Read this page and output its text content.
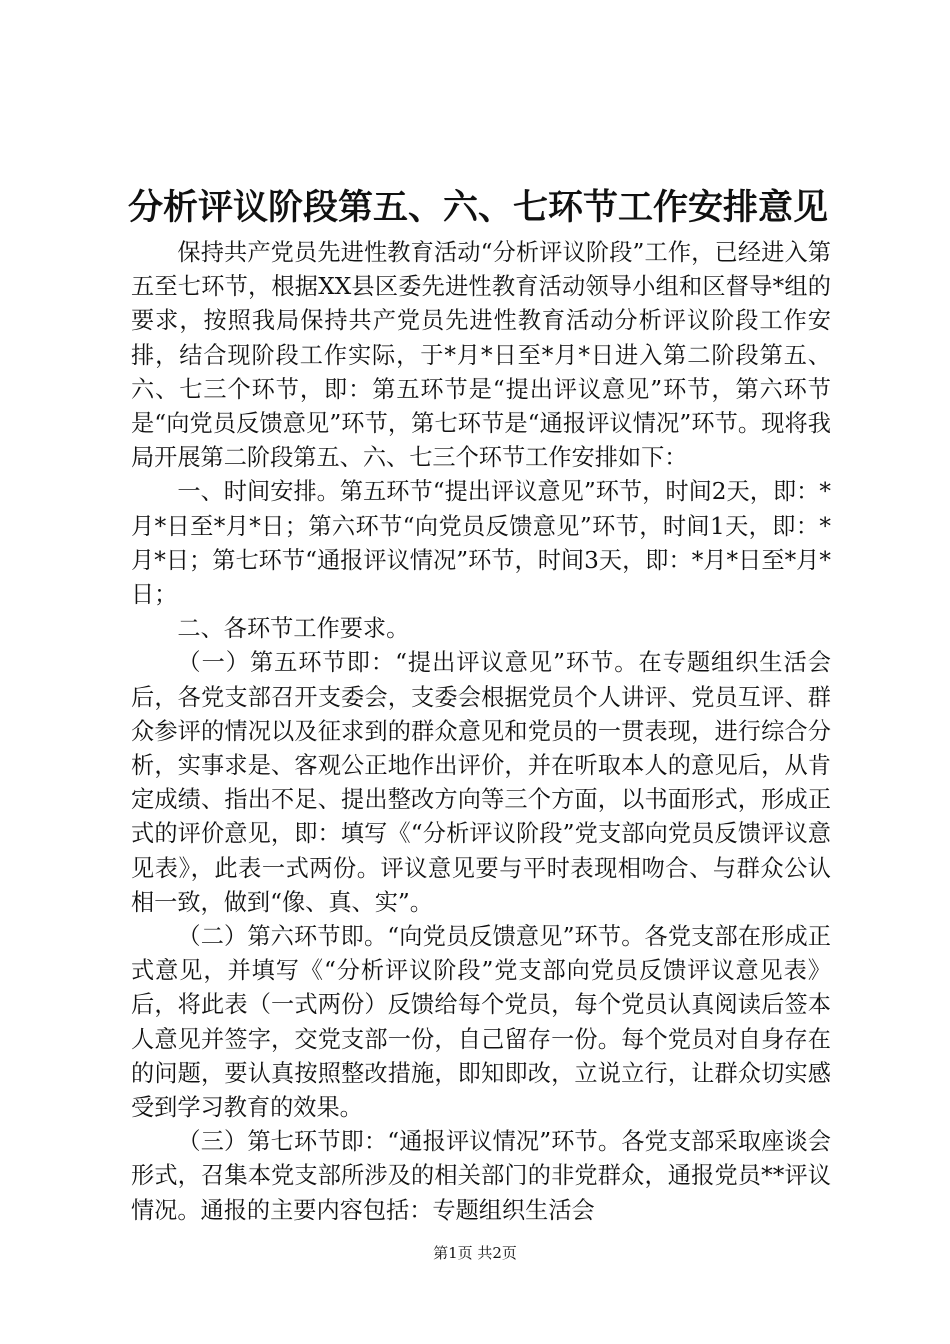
分析评议阶段第五、六、七环节工作安排意见

保持共产党员先进性教育活动“分析评议阶段”工作，已经进入第五至七环节，根据XX县区委先进性教育活动领导小组和区督导*组的要求，按照我局保持共产党员先进性教育活动分析评议阶段工作安排，结合现阶段工作实际，于*月*日至*月*日进入第二阶段第五、六、七三个环节，即：第五环节是“提出评议意见”环节，第六环节是“向党员反馈意见”环节，第七环节是“通报评议情况”环节。现将我局开展第二阶段第五、六、七三个环节工作安排如下：

一、时间安排。第五环节“提出评议意见”环节，时间2天，即：*月*日至*月*日；第六环节“向党员反馈意见”环节，时间1天，即：*月*日；第七环节“通报评议情况”环节，时间3天，即：*月*日至*月*日；

二、各环节工作要求。

（一）第五环节即：“提出评议意见”环节。在专题组织生活会后，各党支部召开支委会，支委会根据党员个人讲评、党员互评、群众参评的情况以及征求到的群众意见和党员的一贯表现，进行综合分析，实事求是、客观公正地作出评价，并在听取本人的意见后，从肯定成绩、指出不足、提出整改方向等三个方面，以书面形式，形成正式的评价意见，即：填写《“分析评议阶段”党支部向党员反馈评议意见表》，此表一式两份。评议意见要与平时表现相吻合、与群众公认相一致，做到“像、真、实”。

（二）第六环节即。“向党员反馈意见”环节。各党支部在形成正式意见，并填写《“分析评议阶段”党支部向党员反馈评议意见表》后，将此表（一式两份）反馈给每个党员，每个党员认真阅读后签本人意见并签字，交党支部一份，自己留存一份。每个党员对自身存在的问题，要认真按照整改措施，即知即改，立说立行，让群众切实感受到学习教育的效果。

（三）第七环节即：“通报评议情况”环节。各党支部采取座谈会形式，召集本党支部所涉及的相关部门的非党群众，通报党员**评议情况。通报的主要内容包括：专题组织生活会

第1页 共2页
